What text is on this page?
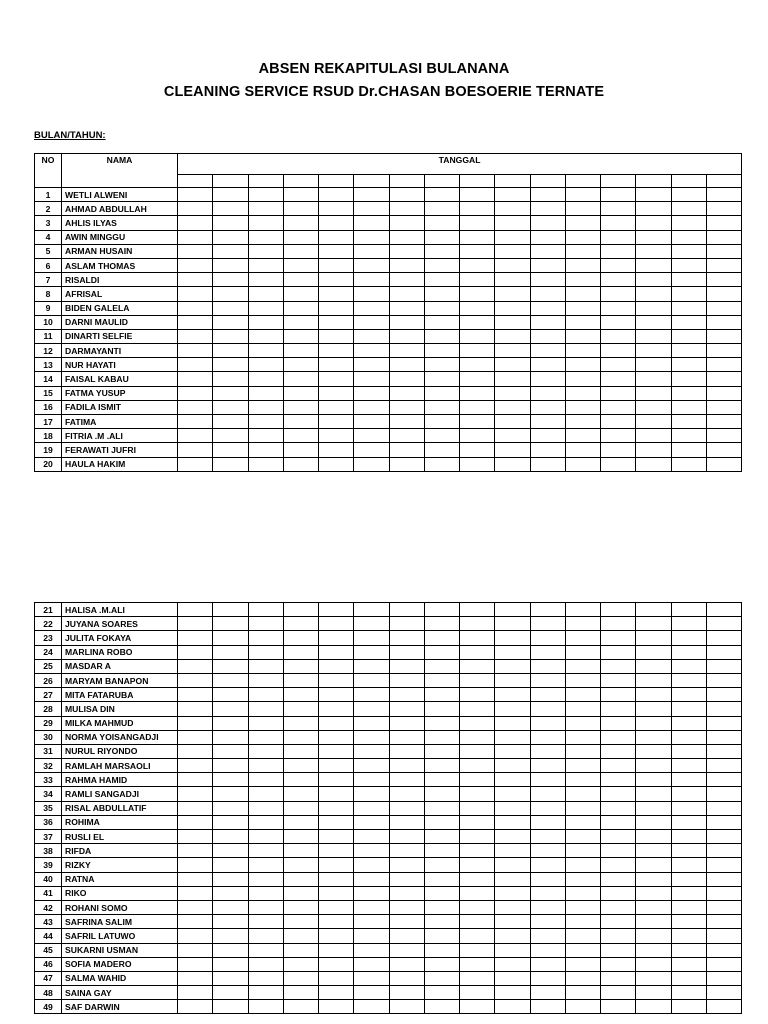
ABSEN REKAPITULASI BULANANA
CLEANING SERVICE RSUD Dr.CHASAN BOESOERIE TERNATE
BULAN/TAHUN:
NO	NAMA	TANGGAL															

1	WETLI ALWENI																
2	AHMAD ABDULLAH																
3	AHLIS ILYAS																
4	AWIN MINGGU																
5	ARMAN HUSAIN																
6	ASLAM THOMAS																
7	RISALDI																
8	AFRISAL																
9	BIDEN GALELA																
10	DARNI MAULID																
11	DINARTI SELFIE																
12	DARMAYANTI																
13	NUR HAYATI																
14	FAISAL KABAU																
15	FATMA YUSUP																
16	FADILA ISMIT																
17	FATIMA																
18	FITRIA .M .ALI																
19	FERAWATI JUFRI																
20	HAULA HAKIM																
21	HALISA .M.ALI																
22	JUYANA SOARES																
23	JULITA FOKAYA																
24	MARLINA ROBO																
25	MASDAR A																
26	MARYAM BANAPON																
27	MITA FATARUBA																
28	MULISA DIN																
29	MILKA MAHMUD																
30	NORMA YOISANGADJI																
31	NURUL RIYONDO																
32	RAMLAH MARSAOLI																
33	RAHMA HAMID																
34	RAMLI SANGADJI																
35	RISAL ABDULLATIF																
36	ROHIMA																
37	RUSLI EL																
38	RIFDA																
39	RIZKY																
40	RATNA																
41	RIKO																
42	ROHANI SOMO																
43	SAFRINA SALIM																
44	SAFRIL LATUWO																
45	SUKARNI USMAN																
46	SOFIA MADERO																
47	SALMA WAHID																
48	SAINA GAY																
49	SAF DARWIN																
